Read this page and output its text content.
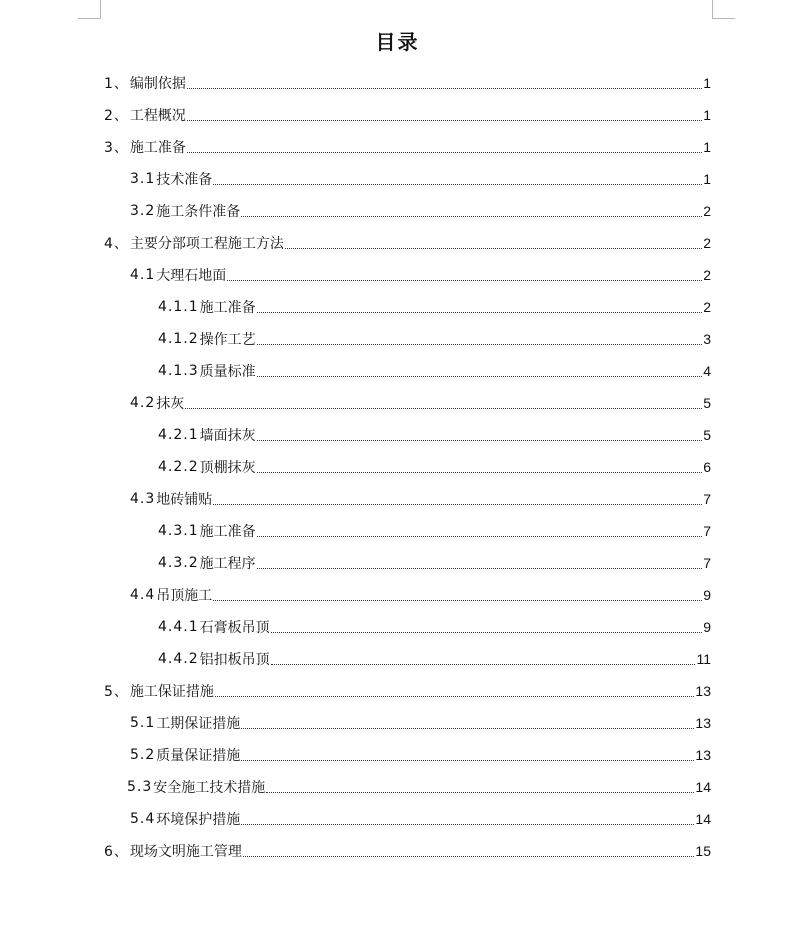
目录
1、 编制依据	1
2、 工程概况	1
3、 施工准备	1
3.1 技术准备	1
3.2 施工条件准备	2
4、 主要分部项工程施工方法	2
4.1 大理石地面	2
4.1.1 施工准备	2
4.1.2 操作工艺	3
4.1.3 质量标准	4
4.2 抹灰	5
4.2.1 墙面抹灰	5
4.2.2 顶棚抹灰	6
4.3 地砖铺贴	7
4.3.1 施工准备	7
4.3.2 施工程序	7
4.4 吊顶施工	9
4.4.1 石膏板吊顶	9
4.4.2 铝扣板吊顶	11
5、 施工保证措施	13
5.1 工期保证措施	13
5.2 质量保证措施	13
5.3 安全施工技术措施	14
5.4 环境保护措施	14
6、 现场文明施工管理	15
